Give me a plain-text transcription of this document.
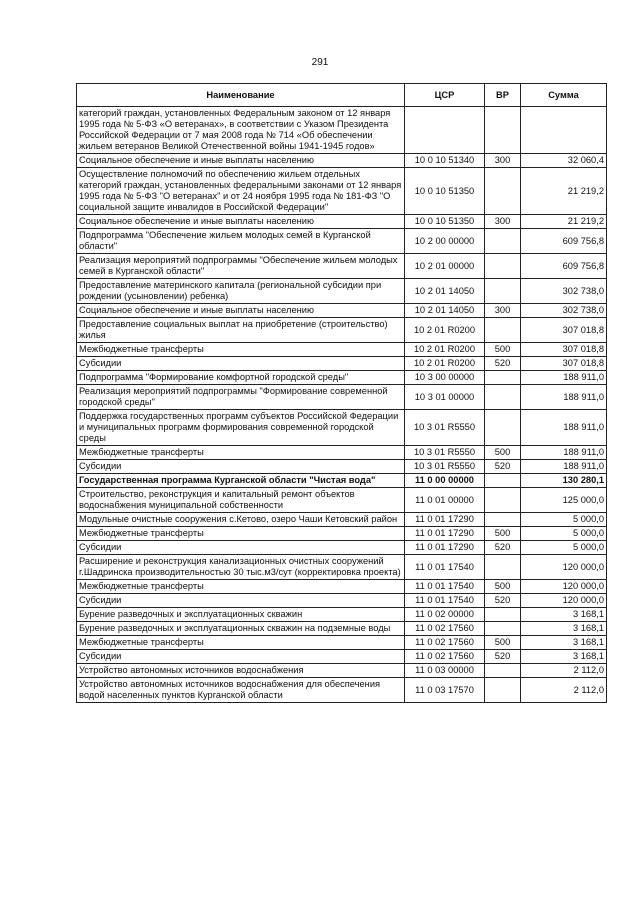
291
Наименование	ЦСР	ВР	Сумма
категорий граждан, установленных Федеральным законом от 12 января 1995 года № 5-ФЗ «О ветеранах», в соответствии с Указом Президента Российской Федерации от 7 мая 2008 года № 714 «Об обеспечении жильем ветеранов Великой Отечественной войны 1941-1945 годов»			
Социальное обеспечение и иные выплаты населению	10 0 10 51340	300	32 060,4
Осуществление полномочий по обеспечению жильем отдельных категорий граждан, установленных федеральными законами от 12 января 1995 года № 5-ФЗ "О ветеранах" и от 24 ноября 1995 года № 181-ФЗ "О социальной защите инвалидов в Российской Федерации"	10 0 10 51350		21 219,2
Социальное обеспечение и иные выплаты населению	10 0 10 51350	300	21 219,2
Подпрограмма "Обеспечение жильем молодых семей в Курганской области"	10 2 00 00000		609 756,8
Реализация мероприятий подпрограммы "Обеспечение жильем молодых семей в Курганской области"	10 2 01 00000		609 756,8
Предоставление материнского капитала (региональной субсидии при рождении (усыновлении) ребенка)	10 2 01 14050		302 738,0
Социальное обеспечение и иные выплаты населению	10 2 01 14050	300	302 738,0
Предоставление социальных выплат на приобретение (строительство) жилья	10 2 01 R0200		307 018,8
Межбюджетные трансферты	10 2 01 R0200	500	307 018,8
Субсидии	10 2 01 R0200	520	307 018,8
Подпрограмма "Формирование комфортной городской среды"	10 3 00 00000		188 911,0
Реализация мероприятий подпрограммы "Формирование современной городской среды"	10 3 01 00000		188 911,0
Поддержка государственных программ субъектов Российской Федерации и муниципальных программ формирования современной городской среды	10 3 01 R5550		188 911,0
Межбюджетные трансферты	10 3 01 R5550	500	188 911,0
Субсидии	10 3 01 R5550	520	188 911,0
Государственная программа Курганской области "Чистая вода"	11 0 00 00000		130 280,1
Строительство, реконструкция и капитальный ремонт объектов водоснабжения муниципальной собственности	11 0 01 00000		125 000,0
Модульные очистные сооружения с.Кетово, озеро Чаши Кетовский район	11 0 01 17290		5 000,0
Межбюджетные трансферты	11 0 01 17290	500	5 000,0
Субсидии	11 0 01 17290	520	5 000,0
Расширение и реконструкция канализационных очистных сооружений г.Шадринска производительностью 30 тыс.м3/сут (корректировка проекта)	11 0 01 17540		120 000,0
Межбюджетные трансферты	11 0 01 17540	500	120 000,0
Субсидии	11 0 01 17540	520	120 000,0
Бурение разведочных и эксплуатационных скважин	11 0 02 00000		3 168,1
Бурение разведочных и эксплуатационных скважин на подземные воды	11 0 02 17560		3 168,1
Межбюджетные трансферты	11 0 02 17560	500	3 168,1
Субсидии	11 0 02 17560	520	3 168,1
Устройство автономных источников водоснабжения	11 0 03 00000		2 112,0
Устройство автономных источников водоснабжения для обеспечения водой населенных пунктов Курганской области	11 0 03 17570		2 112,0
